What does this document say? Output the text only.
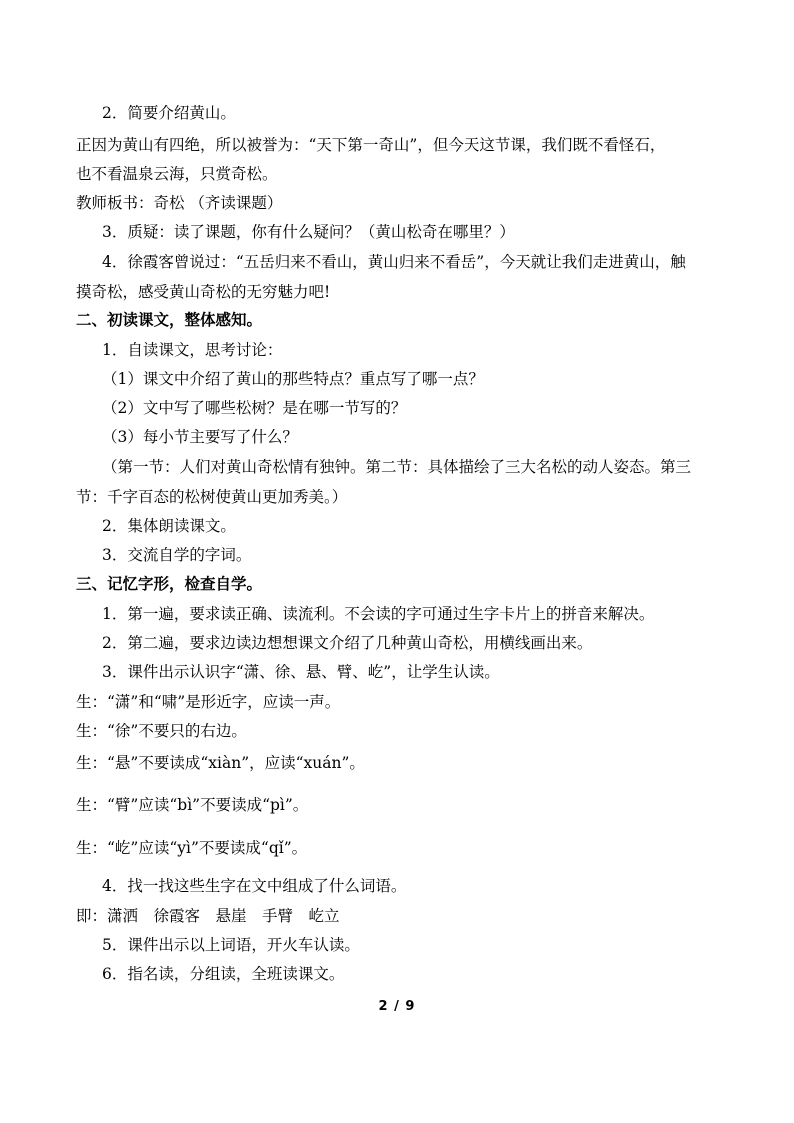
2．简要介绍黄山。
正因为黄山有四绝，所以被誉为：“天下第一奇山”，但今天这节课，我们既不看怪石，
也不看温泉云海，只赏奇松。
教师板书：奇松 （齐读课题）
3．质疑：读了课题，你有什么疑问？（黄山松奇在哪里？）
4．徐霞客曾说过：“五岳归来不看山，黄山归来不看岳”，今天就让我们走进黄山，触
摸奇松，感受黄山奇松的无穷魅力吧!
二、初读课文，整体感知。
1．自读课文，思考讨论：
（1）课文中介绍了黄山的那些特点？重点写了哪一点？
（2）文中写了哪些松树？是在哪一节写的？
（3）每小节主要写了什么？
（第一节：人们对黄山奇松情有独钟。第二节：具体描绘了三大名松的动人姿态。第三
节：千字百态的松树使黄山更加秀美。）
2．集体朗读课文。
3．交流自学的字词。
三、记忆字形，检查自学。
1．第一遍，要求读正确、读流利。不会读的字可通过生字卡片上的拼音来解决。
2．第二遍，要求边读边想想课文介绍了几种黄山奇松，用横线画出来。
3．课件出示认识字“潇、徐、悬、臂、屹”，让学生认读。
生：“潇”和“啸”是形近字，应读一声。
生：“徐”不要只的右边。
生：“悬”不要读成“xiàn”，应读“xuán”。
生：“臂”应读“bì”不要读成“pì”。
生：“屹”应读“yì”不要读成“qǐ”。
4．找一找这些生字在文中组成了什么词语。
即：潇洒　徐霞客　悬崖　手臂　屹立
5．课件出示以上词语，开火车认读。
6．指名读，分组读，全班读课文。
2 / 9
